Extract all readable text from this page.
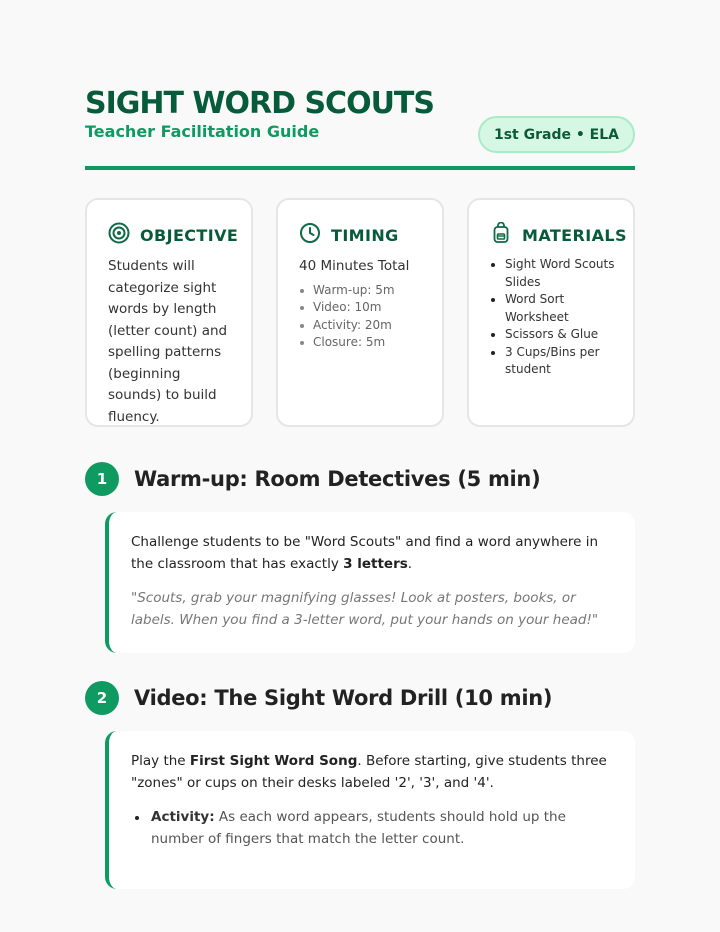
SIGHT WORD SCOUTS
Teacher Facilitation Guide	1st Grade • ELA
OBJECTIVE

Students will categorize sight words by length (letter count) and spelling patterns (beginning sounds) to build fluency.

TIMING

40 Minutes Total

Warm-up: 5m
Video: 10m
Activity: 20m
Closure: 5m
MATERIALS
Sight Word Scouts Slides
Word Sort Worksheet
Scissors & Glue
3 Cups/Bins per student
1	Warm-up: Room Detectives (5 min)

Challenge students to be "Word Scouts" and find a word anywhere in the classroom that has exactly 3 letters.

"Scouts, grab your magnifying glasses! Look at posters, books, or labels. When you find a 3-letter word, put your hands on your head!"

2	Video: The Sight Word Drill (10 min)

Play the First Sight Word Song. Before starting, give students three "zones" or cups on their desks labeled '2', '3', and '4'.

Activity: As each word appears, students should hold up the number of fingers that match the letter count.
